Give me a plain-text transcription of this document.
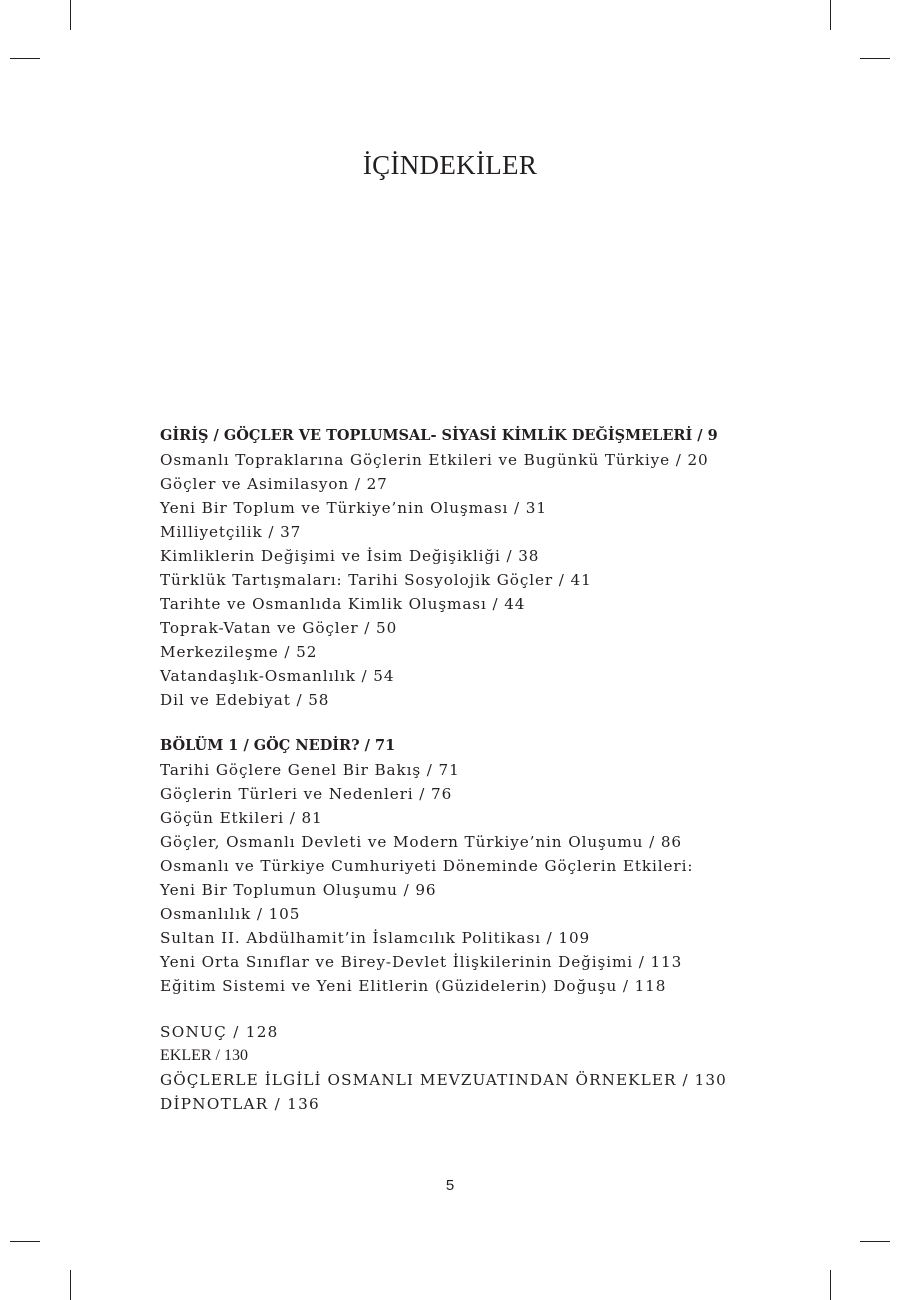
İÇİNDEKİLER
GİRİŞ / GÖÇLER VE TOPLUMSAL- SİYASİ KİMLİK DEĞİŞMELERİ / 9
Osmanlı Topraklarına Göçlerin Etkileri ve Bugünkü Türkiye / 20
Göçler ve Asimilasyon / 27
Yeni Bir Toplum ve Türkiye’nin Oluşması / 31
Milliyetçilik / 37
Kimliklerin Değişimi ve İsim Değişikliği / 38
Türklük Tartışmaları: Tarihi Sosyolojik Göçler / 41
Tarihte ve Osmanlıda Kimlik Oluşması / 44
Toprak-Vatan ve Göçler / 50
Merkezileşme / 52
Vatandaşlık-Osmanlılık / 54
Dil ve Edebiyat / 58
BÖLÜM 1 / GÖÇ NEDİR? / 71
Tarihi Göçlere Genel Bir Bakış / 71
Göçlerin Türleri ve Nedenleri / 76
Göçün Etkileri / 81
Göçler, Osmanlı Devleti ve Modern Türkiye’nin Oluşumu / 86
Osmanlı ve Türkiye Cumhuriyeti Döneminde Göçlerin Etkileri: Yeni Bir Toplumun Oluşumu / 96
Osmanlılık / 105
Sultan II. Abdülhamit’in İslamcılık Politikası / 109
Yeni Orta Sınıflar ve Birey-Devlet İlişkilerinin Değişimi / 113
Eğitim Sistemi ve Yeni Elitlerin (Güzidelerin) Doğuşu / 118
SONUÇ / 128
EKLER / 130
GÖÇLERLE İLGİLİ OSMANLI MEVZUATINDAN ÖRNEKLER / 130
DİPNOTLAR / 136
5
